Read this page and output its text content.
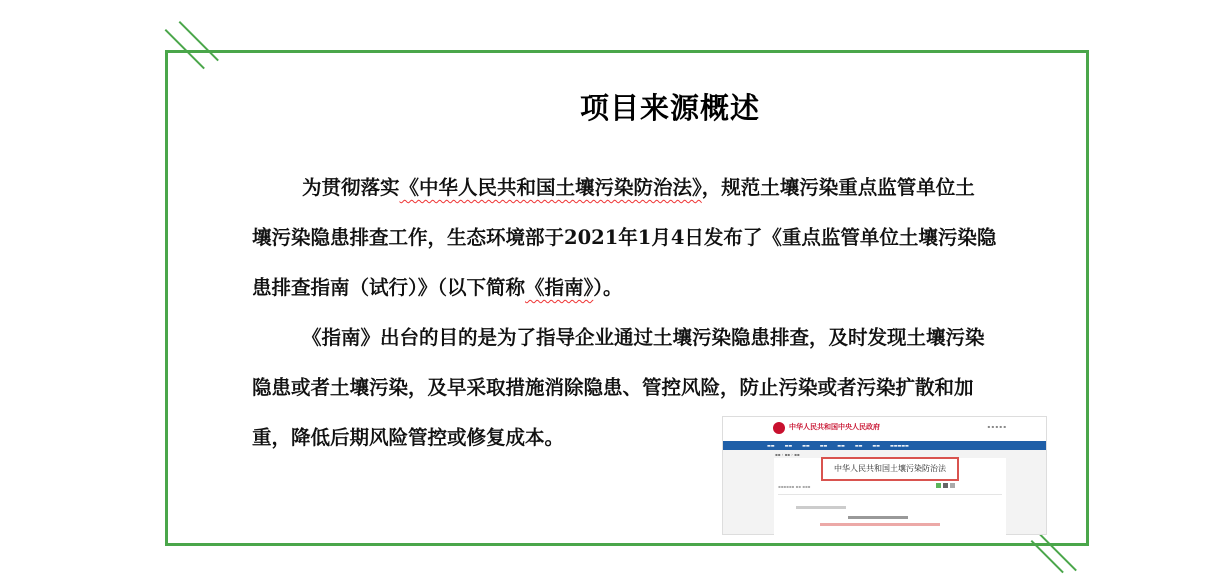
项目来源概述
为贯彻落实《中华人民共和国土壤污染防治法》，规范土壤污染重点监管单位土
壤污染隐患排查工作，生态环境部于2021年1月4日发布了《重点监管单位土壤污染隐
患排查指南（试行）》（以下简称《指南》）。
《指南》出台的目的是为了指导企业通过土壤污染隐患排查，及时发现土壤污染
隐患或者土壤污染，及早采取措施消除隐患、管控风险，防止污染或者污染扩散和加
重，降低后期风险管控或修复成本。	中华人民共和国中央人民政府	▪ ▪ ▪ ▪ ▪
▬▬	▬▬	▬▬	▬▬	▬▬	▬▬	▬▬	▬▬▬▬▬
▪▪ › ▪▪ › ▪▪
中华人民共和国土壤污染防治法
▪▪▪▪▪▪ ▪▪ ▪▪▪
